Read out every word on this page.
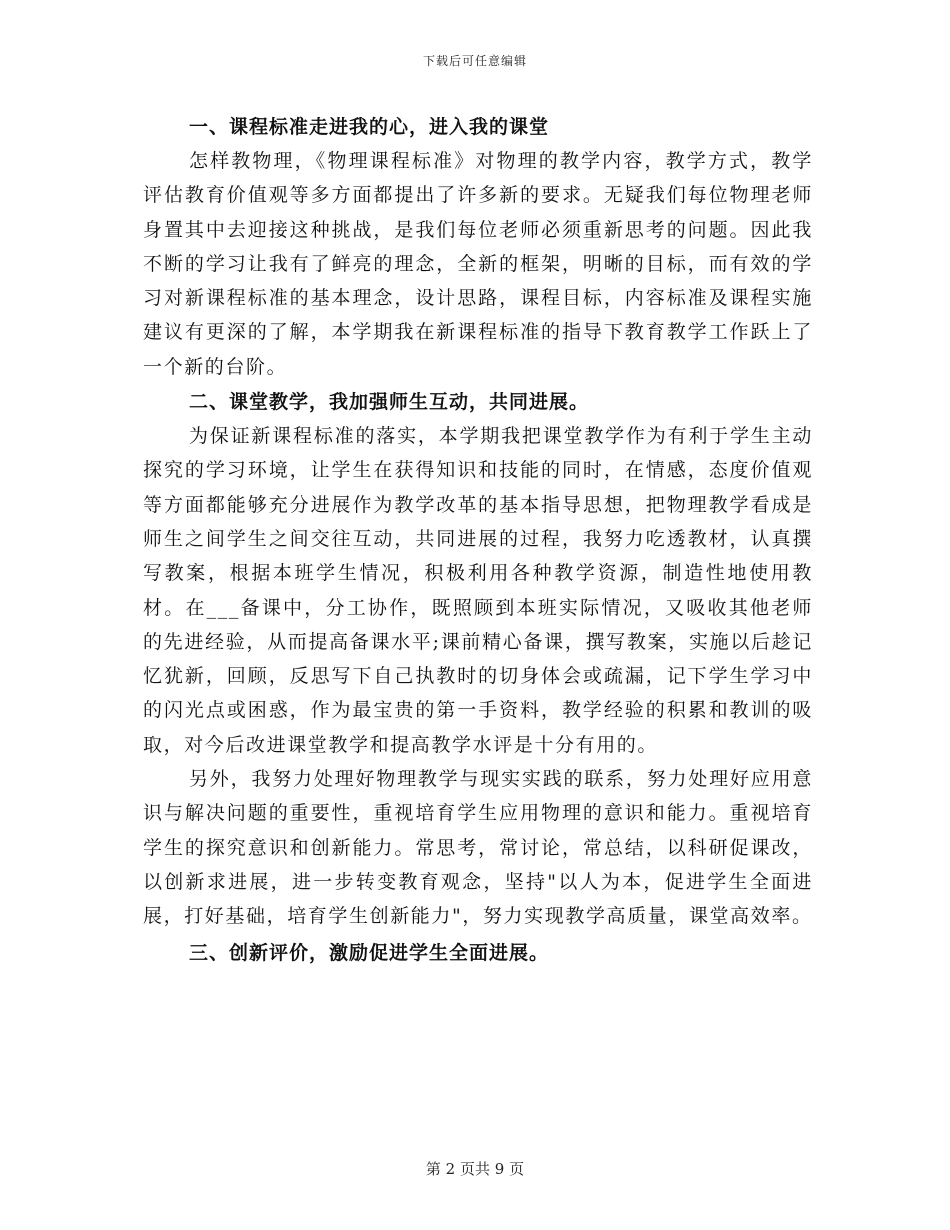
下载后可任意编辑
一、课程标准走进我的心，进入我的课堂

怎样教物理，《物理课程标准》对物理的教学内容，教学方式，教学评估教育价值观等多方面都提出了许多新的要求。无疑我们每位物理老师身置其中去迎接这种挑战，是我们每位老师必须重新思考的问题。因此我不断的学习让我有了鲜亮的理念，全新的框架，明晰的目标，而有效的学习对新课程标准的基本理念，设计思路，课程目标，内容标准及课程实施建议有更深的了解，本学期我在新课程标准的指导下教育教学工作跃上了一个新的台阶。

二、课堂教学，我加强师生互动，共同进展。

为保证新课程标准的落实，本学期我把课堂教学作为有利于学生主动探究的学习环境，让学生在获得知识和技能的同时，在情感，态度价值观等方面都能够充分进展作为教学改革的基本指导思想，把物理教学看成是师生之间学生之间交往互动，共同进展的过程，我努力吃透教材，认真撰写教案，根据本班学生情况，积极利用各种教学资源，制造性地使用教材。在___备课中，分工协作，既照顾到本班实际情况，又吸收其他老师的先进经验，从而提高备课水平;课前精心备课，撰写教案，实施以后趁记忆犹新，回顾，反思写下自己执教时的切身体会或疏漏，记下学生学习中的闪光点或困惑，作为最宝贵的第一手资料，教学经验的积累和教训的吸取，对今后改进课堂教学和提高教学水评是十分有用的。

另外，我努力处理好物理教学与现实实践的联系，努力处理好应用意识与解决问题的重要性，重视培育学生应用物理的意识和能力。重视培育学生的探究意识和创新能力。常思考，常讨论，常总结，以科研促课改，以创新求进展，进一步转变教育观念，坚持"以人为本，促进学生全面进展，打好基础，培育学生创新能力"，努力实现教学高质量，课堂高效率。

三、创新评价，激励促进学生全面进展。
第 2 页共 9 页
